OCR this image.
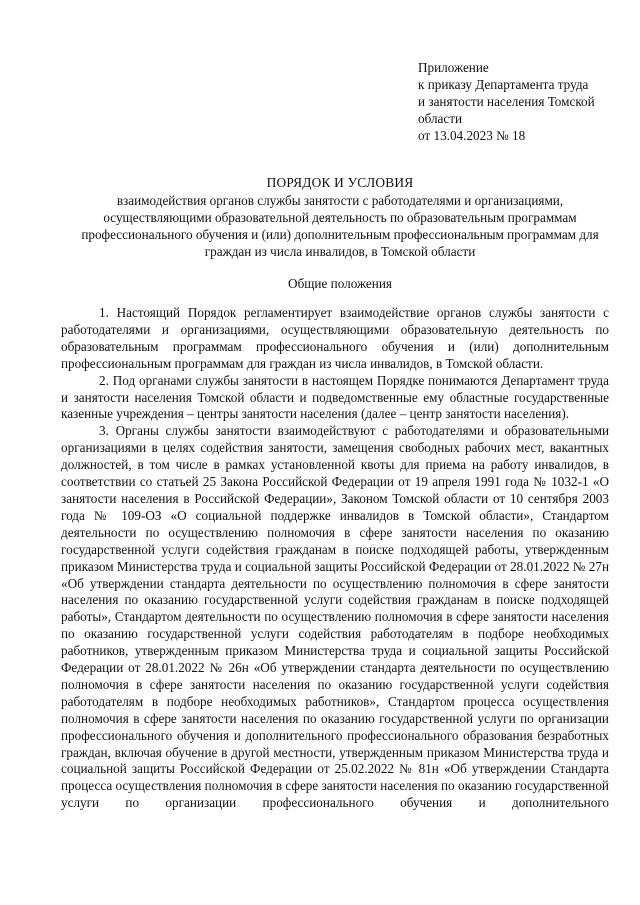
Приложение
к приказу Департамента труда
и занятости населения Томской
области
от 13.04.2023 № 18
ПОРЯДОК И УСЛОВИЯ
взаимодействия органов службы занятости с работодателями и организациями,
осуществляющими образовательной деятельность по образовательным программам
профессионального обучения и (или) дополнительным профессиональным программам для
граждан из числа инвалидов, в Томской области
Общие положения

1. Настоящий Порядок регламентирует взаимодействие органов службы занятости с работодателями и организациями, осуществляющими образовательную деятельность по образовательным программам профессионального обучения и (или) дополнительным профессиональным программам для граждан из числа инвалидов, в Томской области.

2. Под органами службы занятости в настоящем Порядке понимаются Департамент труда и занятости населения Томской области и подведомственные ему областные государственные казенные учреждения – центры занятости населения (далее – центр занятости населения).

3. Органы службы занятости взаимодействуют с работодателями и образовательными организациями в целях содействия занятости, замещения свободных рабочих мест, вакантных должностей, в том числе в рамках установленной квоты для приема на работу инвалидов, в соответствии со статьей 25 Закона Российской Федерации от 19 апреля 1991 года № 1032-1 «О занятости населения в Российской Федерации», Законом Томской области от 10 сентября 2003 года № 109-ОЗ «О социальной поддержке инвалидов в Томской области», Стандартом деятельности по осуществлению полномочия в сфере занятости населения по оказанию государственной услуги содействия гражданам в поиске подходящей работы, утвержденным приказом Министерства труда и социальной защиты Российской Федерации от 28.01.2022 № 27н «Об утверждении стандарта деятельности по осуществлению полномочия в сфере занятости населения по оказанию государственной услуги содействия гражданам в поиске подходящей работы», Стандартом деятельности по осуществлению полномочия в сфере занятости населения по оказанию государственной услуги содействия работодателям в подборе необходимых работников, утвержденным приказом Министерства труда и социальной защиты Российской Федерации от 28.01.2022 № 26н «Об утверждении стандарта деятельности по осуществлению полномочия в сфере занятости населения по оказанию государственной услуги содействия работодателям в подборе необходимых работников», Стандартом процесса осуществления полномочия в сфере занятости населения по оказанию государственной услуги по организации профессионального обучения и дополнительного профессионального образования безработных граждан, включая обучение в другой местности, утвержденным приказом Министерства труда и социальной защиты Российской Федерации от 25.02.2022 № 81н «Об утверждении Стандарта процесса осуществления полномочия в сфере занятости населения по оказанию государственной услуги по организации профессионального обучения и дополнительного
